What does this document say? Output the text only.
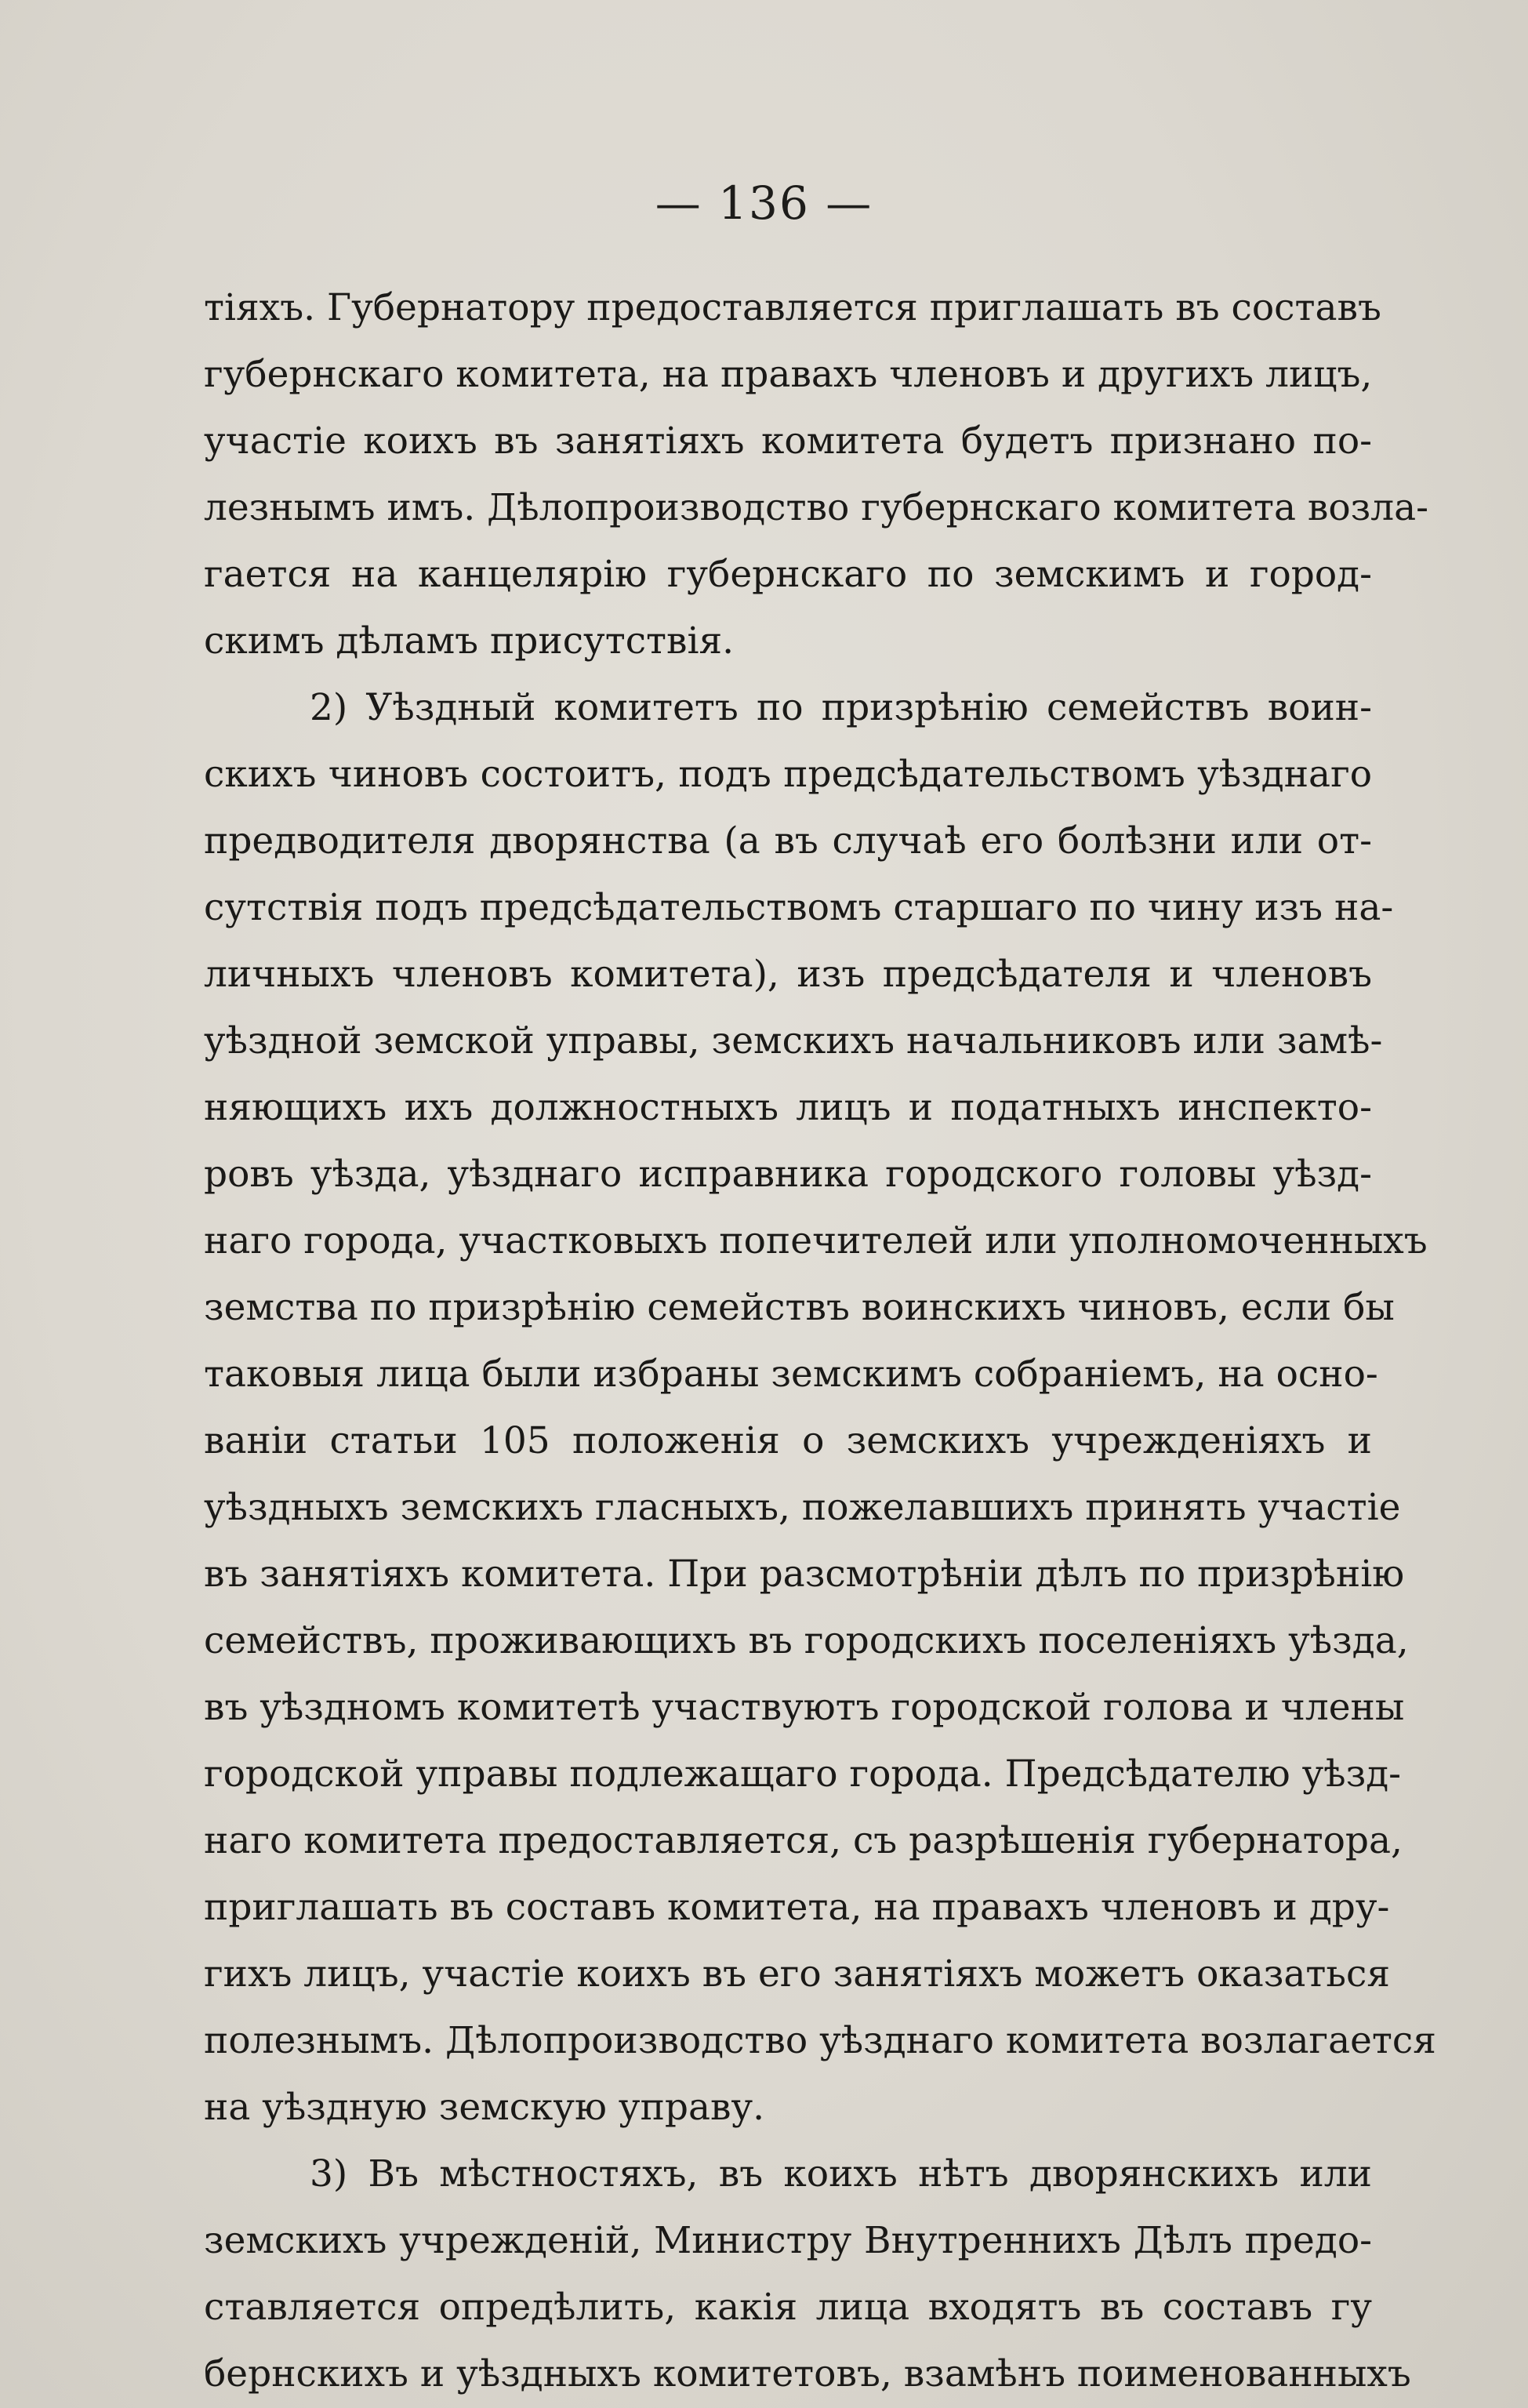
— 136 —
тіяхъ. Губернатору предоставляется приглашать въ составъ
губернскаго комитета, на правахъ членовъ и другихъ лицъ,
участіе коихъ въ занятіяхъ комитета будетъ признано по-
лезнымъ имъ. Дѣлопроизводство губернскаго комитета возла-
гается на канцелярію губернскаго по земскимъ и город-
скимъ дѣламъ присутствія.
2) Уѣздный комитетъ по призрѣнію семействъ воин-
скихъ чиновъ состоитъ, подъ предсѣдательствомъ уѣзднаго
предводителя дворянства (а въ случаѣ его болѣзни или от-
сутствія подъ предсѣдательствомъ старшаго по чину изъ на-
личныхъ членовъ комитета), изъ предсѣдателя и членовъ
уѣздной земской управы, земскихъ начальниковъ или замѣ-
няющихъ ихъ должностныхъ лицъ и податныхъ инспекто-
ровъ уѣзда, уѣзднаго исправника городского головы уѣзд-
наго города, участковыхъ попечителей или уполномоченныхъ
земства по призрѣнію семействъ воинскихъ чиновъ, если бы
таковыя лица были избраны земскимъ собраніемъ, на осно-
ваніи статьи 105 положенія о земскихъ учрежденіяхъ и
уѣздныхъ земскихъ гласныхъ, пожелавшихъ принять участіе
въ занятіяхъ комитета. При разсмотрѣніи дѣлъ по призрѣнію
семействъ, проживающихъ въ городскихъ поселеніяхъ уѣзда,
въ уѣздномъ комитетѣ участвуютъ городской голова и члены
городской управы подлежащаго города. Предсѣдателю уѣзд-
наго комитета предоставляется, съ разрѣшенія губернатора,
приглашать въ составъ комитета, на правахъ членовъ и дру-
гихъ лицъ, участіе коихъ въ его занятіяхъ можетъ оказаться
полезнымъ. Дѣлопроизводство уѣзднаго комитета возлагается
на уѣздную земскую управу.
3) Въ мѣстностяхъ, въ коихъ нѣтъ дворянскихъ или
земскихъ учрежденій, Министру Внутреннихъ Дѣлъ предо-
ставляется опредѣлить, какія лица входятъ въ составъ гу
бернскихъ и уѣздныхъ комитетовъ, взамѣнъ поименованныхъ
